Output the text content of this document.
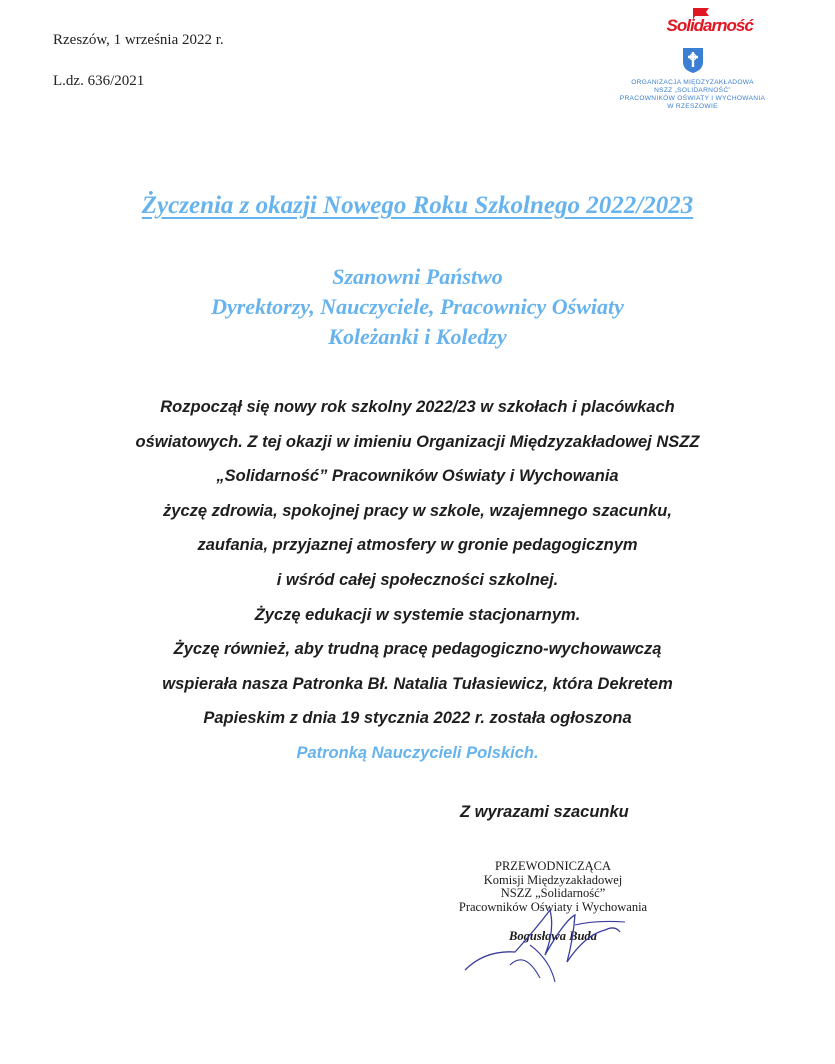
Rzeszów, 1 września 2022 r.
L.dz. 636/2021
Solidarność
ORGANIZACJA MIĘDZYZAKŁADOWA
NSZZ „SOLIDARNOŚĆ”
PRACOWNIKÓW OŚWIATY I WYCHOWANIA
W RZESZOWIE
Życzenia z okazji Nowego Roku Szkolnego 2022/2023
Szanowni Państwo
Dyrektorzy, Nauczyciele, Pracownicy Oświaty
Koleżanki i Koledzy
Rozpoczął się nowy rok szkolny 2022/23 w szkołach i placówkach
oświatowych. Z tej okazji w imieniu Organizacji Międzyzakładowej NSZZ
„Solidarność” Pracowników Oświaty i Wychowania
życzę zdrowia, spokojnej pracy w szkole, wzajemnego szacunku,
zaufania, przyjaznej atmosfery w gronie pedagogicznym
i wśród całej społeczności szkolnej.
Życzę edukacji w systemie stacjonarnym.
Życzę również, aby trudną pracę pedagogiczno-wychowawczą
wspierała nasza Patronka Bł. Natalia Tułasiewicz, która Dekretem
Papieskim z dnia 19 stycznia 2022 r. została ogłoszona
Patronką Nauczycieli Polskich.
Z wyrazami szacunku
PRZEWODNICZĄCA
Komisji Międzyzakładowej
NSZZ „Solidarność”
Pracowników Oświaty i Wychowania
Bogusława Buda
